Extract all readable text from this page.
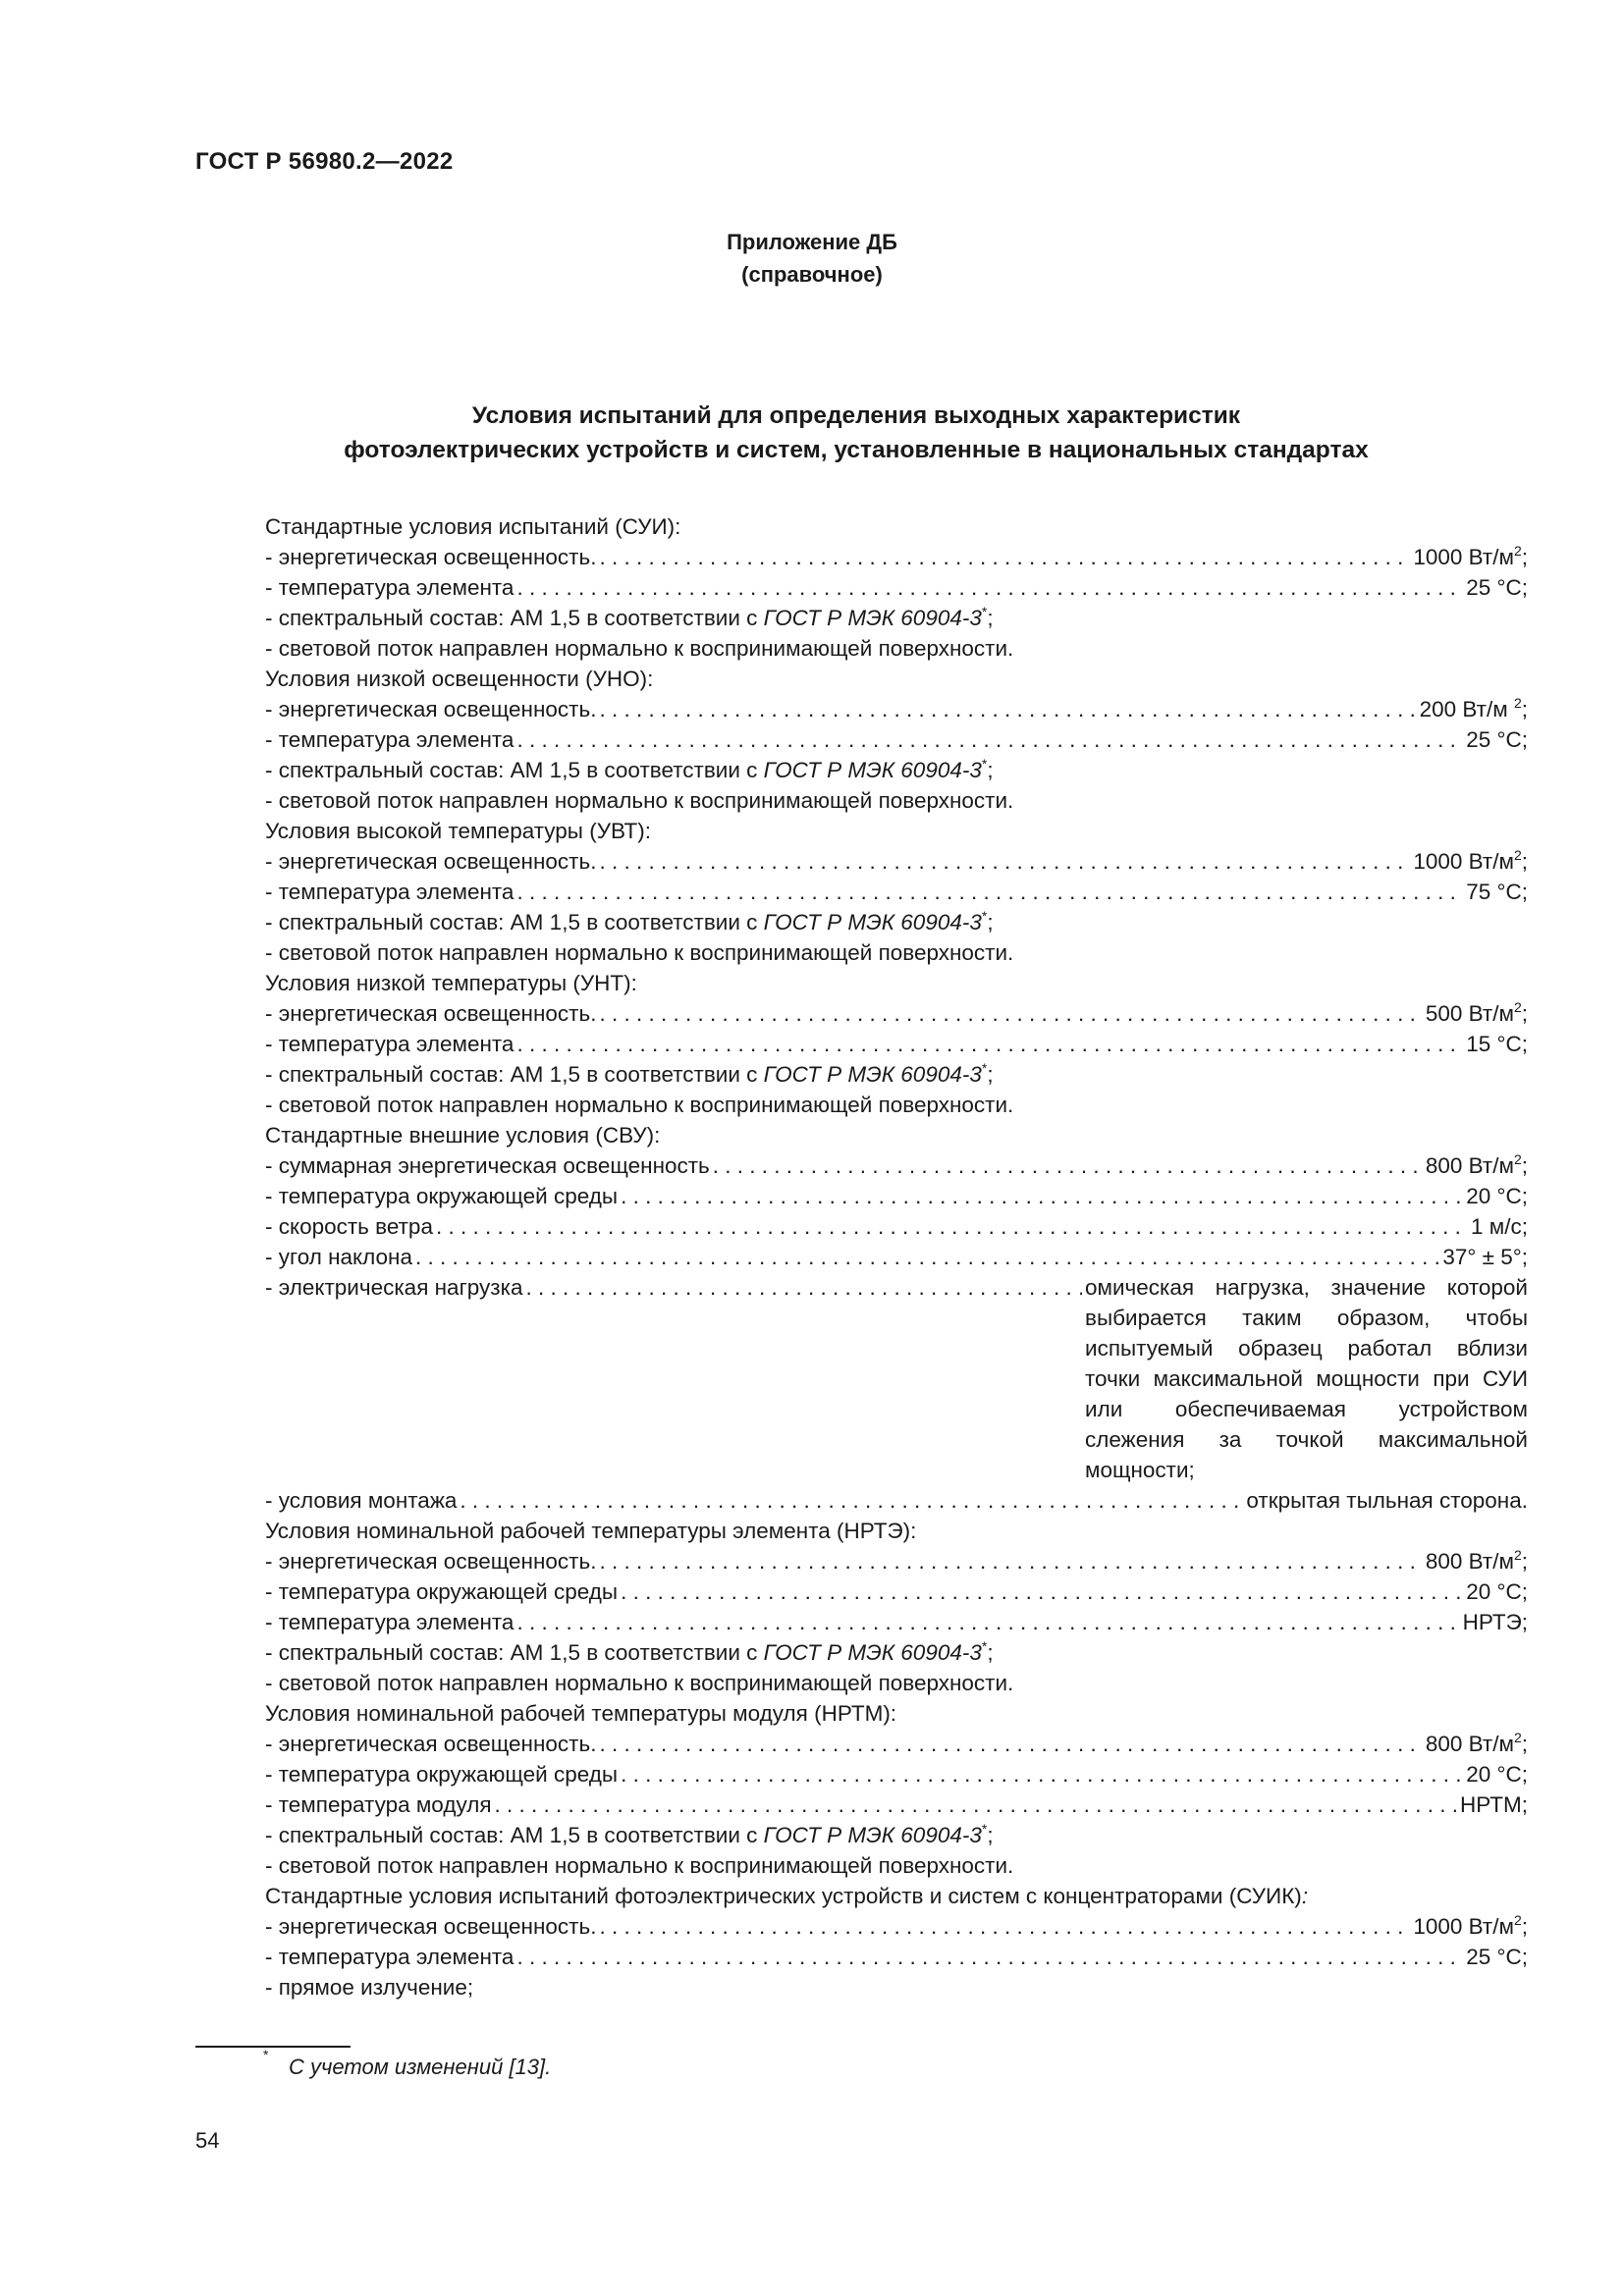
ГОСТ Р 56980.2—2022
Приложение ДБ
(справочное)
Условия испытаний для определения выходных характеристик
фотоэлектрических устройств и систем, установленные в национальных стандартах
Стандартные условия испытаний (СУИ):
- энергетическая освещенность. . . .	1000 $Вт/м^2$;
- температура элемента . . .	25 °C;
- спектральный состав: АМ 1,5 в соответствии с ГОСТ Р МЭК 60904-3*;
- световой поток направлен нормально к воспринимающей поверхности.
Условия низкой освещенности (УНО):
- энергетическая освещенность. . . .	200 Вт/м $^2$;
- температура элемента . . .	25 °C;
- спектральный состав: АМ 1,5 в соответствии с ГОСТ Р МЭК 60904-3*;
- световой поток направлен нормально к воспринимающей поверхности.
Условия высокой температуры (УВТ):
- энергетическая освещенность. . . .	1000 $Вт/м^2$;
- температура элемента . . .	75 °C;
- спектральный состав: АМ 1,5 в соответствии с ГОСТ Р МЭК 60904-3*;
- световой поток направлен нормально к воспринимающей поверхности.
Условия низкой температуры (УНТ):
- энергетическая освещенность. . . .	500 $Вт/м^2$;
- температура элемента . . .	15 °C;
- спектральный состав: АМ 1,5 в соответствии с ГОСТ Р МЭК 60904-3*;
- световой поток направлен нормально к воспринимающей поверхности.
Стандартные внешние условия (СВУ):
- суммарная энергетическая освещенность . . .	800 $Вт/м^2$;
- температура окружающей среды . . .	20 °C;
- скорость ветра . . .	1 м/с;
- угол наклона . . .	37° ± 5°;
- электрическая нагрузка . . .	омическая нагрузка, значение которой выбирается таким образом, чтобы испытуемый образец работал вблизи точки максимальной мощности при СУИ или обеспечиваемая устройством слежения за точкой максимальной мощности;
- условия монтажа . . .	открытая тыльная сторона.
Условия номинальной рабочей температуры элемента (НРТЭ):
- энергетическая освещенность. . . .	800 $Вт/м^2$;
- температура окружающей среды . . .	20 °C;
- температура элемента . . .	НРТЭ;
- спектральный состав: АМ 1,5 в соответствии с ГОСТ Р МЭК 60904-3*;
- световой поток направлен нормально к воспринимающей поверхности.
Условия номинальной рабочей температуры модуля (НРТМ):
- энергетическая освещенность. . . .	800 $Вт/м^2$;
- температура окружающей среды . . .	20 °C;
- температура модуля . . .	НРТМ;
- спектральный состав: АМ 1,5 в соответствии с ГОСТ Р МЭК 60904-3*;
- световой поток направлен нормально к воспринимающей поверхности.
Стандартные условия испытаний фотоэлектрических устройств и систем с концентраторами (СУИК):
- энергетическая освещенность. . . .	1000 $Вт/м^2$;
- температура элемента . . .	25 °C;
- прямое излучение;
* С учетом изменений [13].
54
